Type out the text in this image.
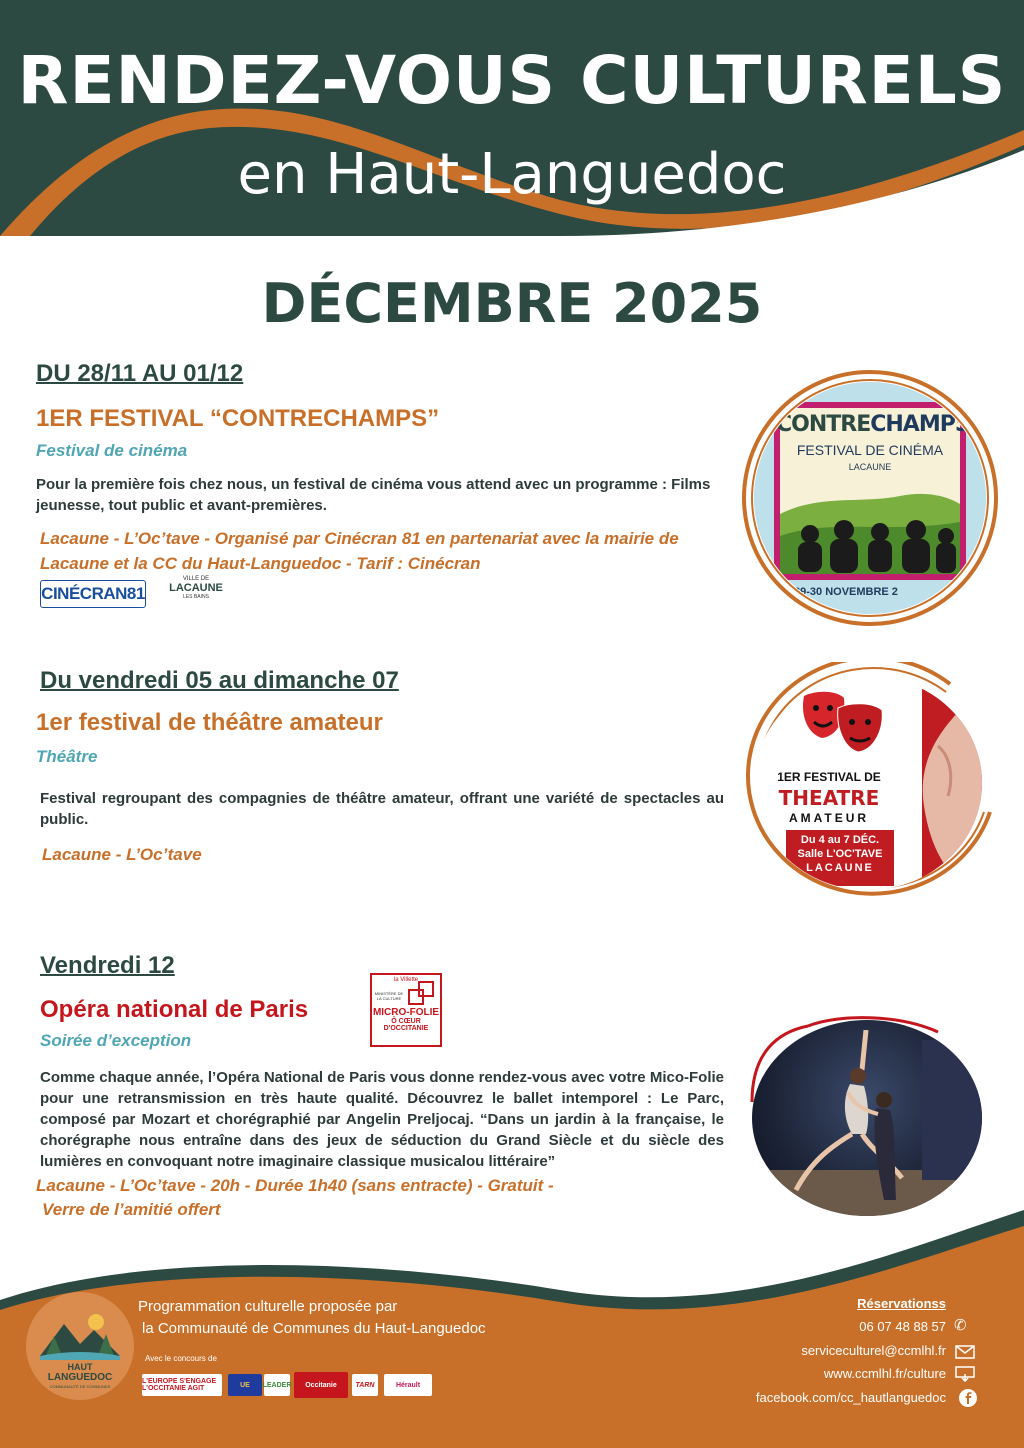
RENDEZ-VOUS CULTURELS
en Haut-Languedoc
DÉCEMBRE 2025
DU 28/11 AU 01/12
1ER FESTIVAL “CONTRECHAMPS”
Festival de cinéma
Pour la première fois chez nous, un festival de cinéma vous attend avec un programme : Films jeunesse, tout public et avant-premières.
Lacaune - L’Oc’tave - Organisé par Cinécran 81 en partenariat avec la mairie de Lacaune et la CC du Haut-Languedoc - Tarif : Cinécran
CINÉCRAN81
VILLE DE
LACAUNE
LES BAINS
CONTRECHAMPS
FESTIVAL DE CINÉMA
LACAUNE
29-30 NOVEMBRE 2
Du vendredi 05 au dimanche 07
1er festival de théâtre amateur
Théâtre
Festival regroupant des compagnies de théâtre amateur, offrant une variété de spectacles au public.
Lacaune - L’Oc’tave
1ER FESTIVAL DE
THEATRE
AMATEUR
Du 4 au 7 DÉC.
Salle L'OC'TAVE
LACAUNE
Vendredi 12
Opéra national de Paris
Soirée d’exception
Comme chaque année, l’Opéra National de Paris vous donne rendez-vous avec votre Mico-Folie pour une retransmission en très haute qualité. Découvrez le ballet intemporel : Le Parc, composé par Mozart et chorégraphié par Angelin Preljocaj. “Dans un jardin à la française, le chorégraphe nous entraîne dans des jeux de séduction du Grand Siècle et du siècle des lumières en convoquant notre imaginaire classique musicalou littéraire”
Lacaune - L’Oc’tave - 20h - Durée 1h40 (sans entracte) - Gratuit -
Verre de l’amitié offert
la Villette
MINISTÈRE DE LA CULTURE
MICRO-FOLIE
Ô CŒUR
D'OCCITANIE
HAUT
LANGUEDOC
COMMUNAUTÉ DE COMMUNES
Programmation culturelle proposée par
la Communauté de Communes du Haut-Languedoc
Avec le concours de
L'EUROPE S'ENGAGE L'OCCITANIE AGIT	UE	LEADER	Occitanie	TARN	Hérault
Réservationss
06 07 48 88 57
serviceculturel@ccmlhl.fr
www.ccmlhl.fr/culture
facebook.com/cc_hautlanguedoc
✆
